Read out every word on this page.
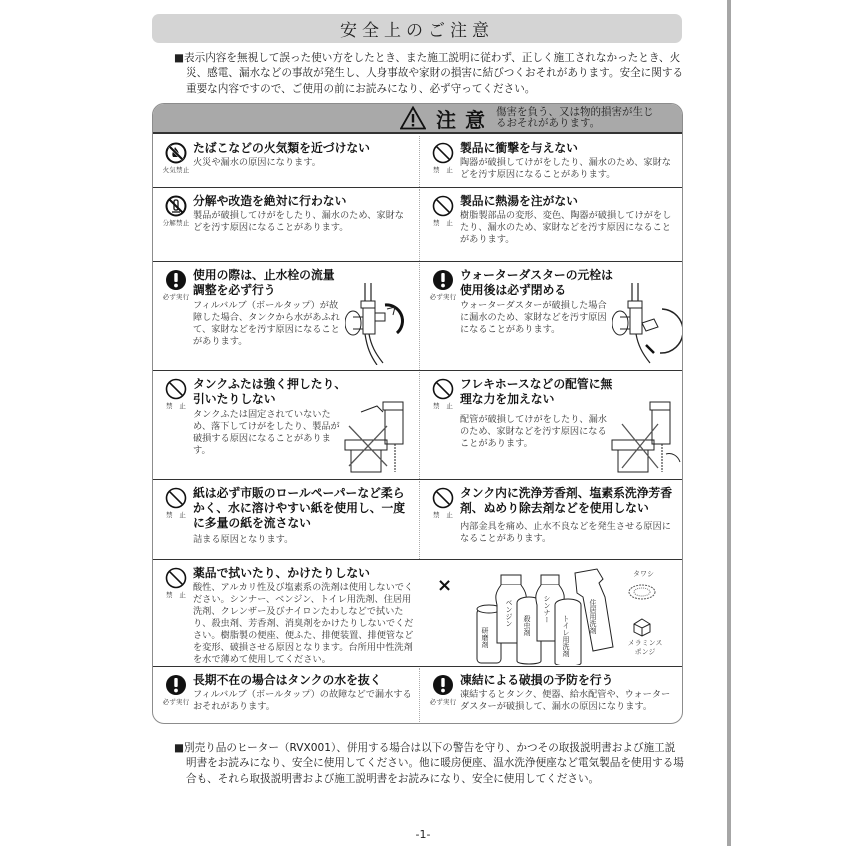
安全上のご注意

■表示内容を無視して誤った使い方をしたとき、また施工説明に従わず、正しく施工されなかったとき、火災、感電、漏水などの事故が発生し、人身事故や家財の損害に結びつくおそれがあります。安全に関する重要な内容ですので、ご使用の前にお読みになり、必ず守ってください。

注意 傷害を負う、又は物的損害が生じるおそれがあります。
火気禁止
たばこなどの火気類を近づけない
火災や漏水の原因になります。
禁　止
製品に衝撃を与えない
陶器が破損してけがをしたり、漏水のため、家財などを汚す原因になることがあります。
分解禁止
分解や改造を絶対に行わない
製品が破損してけがをしたり、漏水のため、家財などを汚す原因になることがあります。	禁　止
製品に熱湯を注がない
樹脂製部品の変形、変色、陶器が破損してけがをしたり、漏水のため、家財などを汚す原因になることがあります。
必ず実行
使用の際は、止水栓の流量調整を必ず行う
フィルバルブ（ボールタップ）が故障した場合、タンクから水があふれて、家財などを汚す原因になることがあります。
必ず実行
ウォーターダスターの元栓は使用後は必ず閉める
ウォーターダスターが破損した場合に漏水のため、家財などを汚す原因になることがあります。
禁　止
タンクふたは強く押したり、引いたりしない
タンクふたは固定されていないため、落下してけがをしたり、製品が破損する原因になることがあります。
禁　止
フレキホースなどの配管に無理な力を加えない
配管が破損してけがをしたり、漏水のため、家財などを汚す原因になることがあります。
禁　止
紙は必ず市販のロールペーパーなど柔らかく、水に溶けやすい紙を使用し、一度に多量の紙を流さない
詰まる原因となります。
禁　止
タンク内に洗浄芳香剤、塩素系洗浄芳香剤、ぬめり除去剤などを使用しない
内部金具を痛め、止水不良などを発生させる原因になることがあります。
禁　止
薬品で拭いたり、かけたりしない
酸性、アルカリ性及び塩素系の洗剤は使用しないでください。シンナー、ベンジン、トイレ用洗剤、住居用洗剤、クレンザー及びナイロンたわしなどで拭いたり、殺虫剤、芳香剤、消臭剤をかけたりしないでください。樹脂製の便座、便ふた、排便装置、排便管などを変形、破損させる原因となります。台所用中性洗剤を水で薄めて使用してください。
×
研磨剤
ベンジン 殺虫剤
シンナー
トイレ用洗剤	住居用洗剤
タワシ
メラミンスポンジ
必ず実行
長期不在の場合はタンクの水を抜く
フィルバルブ（ボールタップ）の故障などで漏水するおそれがあります。	必ず実行
凍結による破損の予防を行う
凍結するとタンク、便器、給水配管や、ウォーターダスターが破損して、漏水の原因になります。

■別売り品のヒーター（RVX001）、併用する場合は以下の警告を守り、かつその取扱説明書および施工説明書をお読みになり、安全に使用してください。他に暖房便座、温水洗浄便座など電気製品を使用する場合も、それら取扱説明書および施工説明書をお読みになり、安全に使用してください。

-1-
